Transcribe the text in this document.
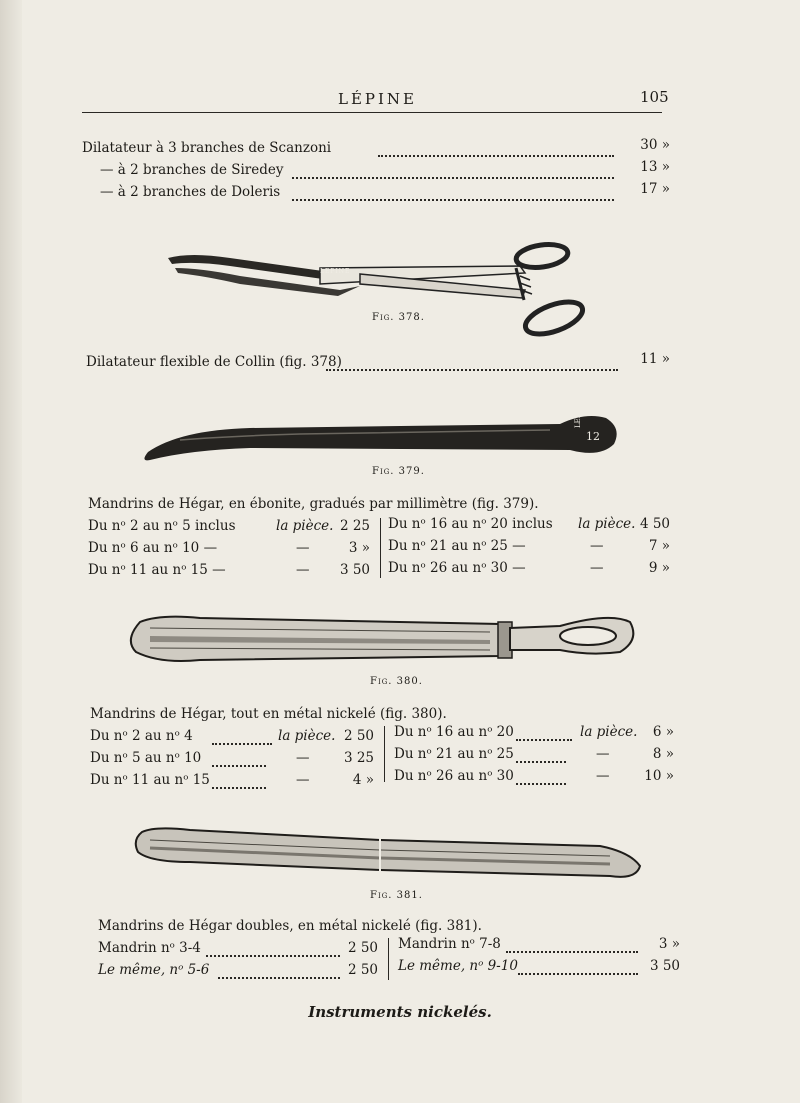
LÉPINE	105
Dilatateur à 3 branches de Scanzoni	30 »
— à 2 branches de Siredey	13 »
— à 2 branches de Doleris	17 »
LEPINE
Fig. 378.
Dilatateur flexible de Collin (fig. 378)	11 »
LEPINE
12
Fig. 379.
Mandrins de Hégar, en ébonite, gradués par millimètre (fig. 379).
Du nᵒ 2 au nᵒ 5 inclus	la pièce. 2 25
Du nᵒ 6 au nᵒ 10 —	—	3 »
Du nᵒ 11 au nᵒ 15 —	—	3 50
Du nᵒ 16 au nᵒ 20 inclus la pièce. 4 50
Du nᵒ 21 au nᵒ 25 —	—	7 »
Du nᵒ 26 au nᵒ 30 —	—	9 »
Fig. 380.
Mandrins de Hégar, tout en métal nickelé (fig. 380).
Du nᵒ 2 au nᵒ 4	la pièce. 2 50
Du nᵒ 5 au nᵒ 10	—	3 25
Du nᵒ 11 au nᵒ 15	—	4 »
Du nᵒ 16 au nᵒ 20	la pièce.	6 »
Du nᵒ 21 au nᵒ 25	—	8 »
Du nᵒ 26 au nᵒ 30	—	10 »
Fig. 381.
Mandrins de Hégar doubles, en métal nickelé (fig. 381).
Mandrin nᵒ 3-4	2 50
Le même, nᵒ 5-6	2 50
Mandrin nᵒ 7-8	3 »
Le même, nᵒ 9-10	3 50
Instruments nickelés.
